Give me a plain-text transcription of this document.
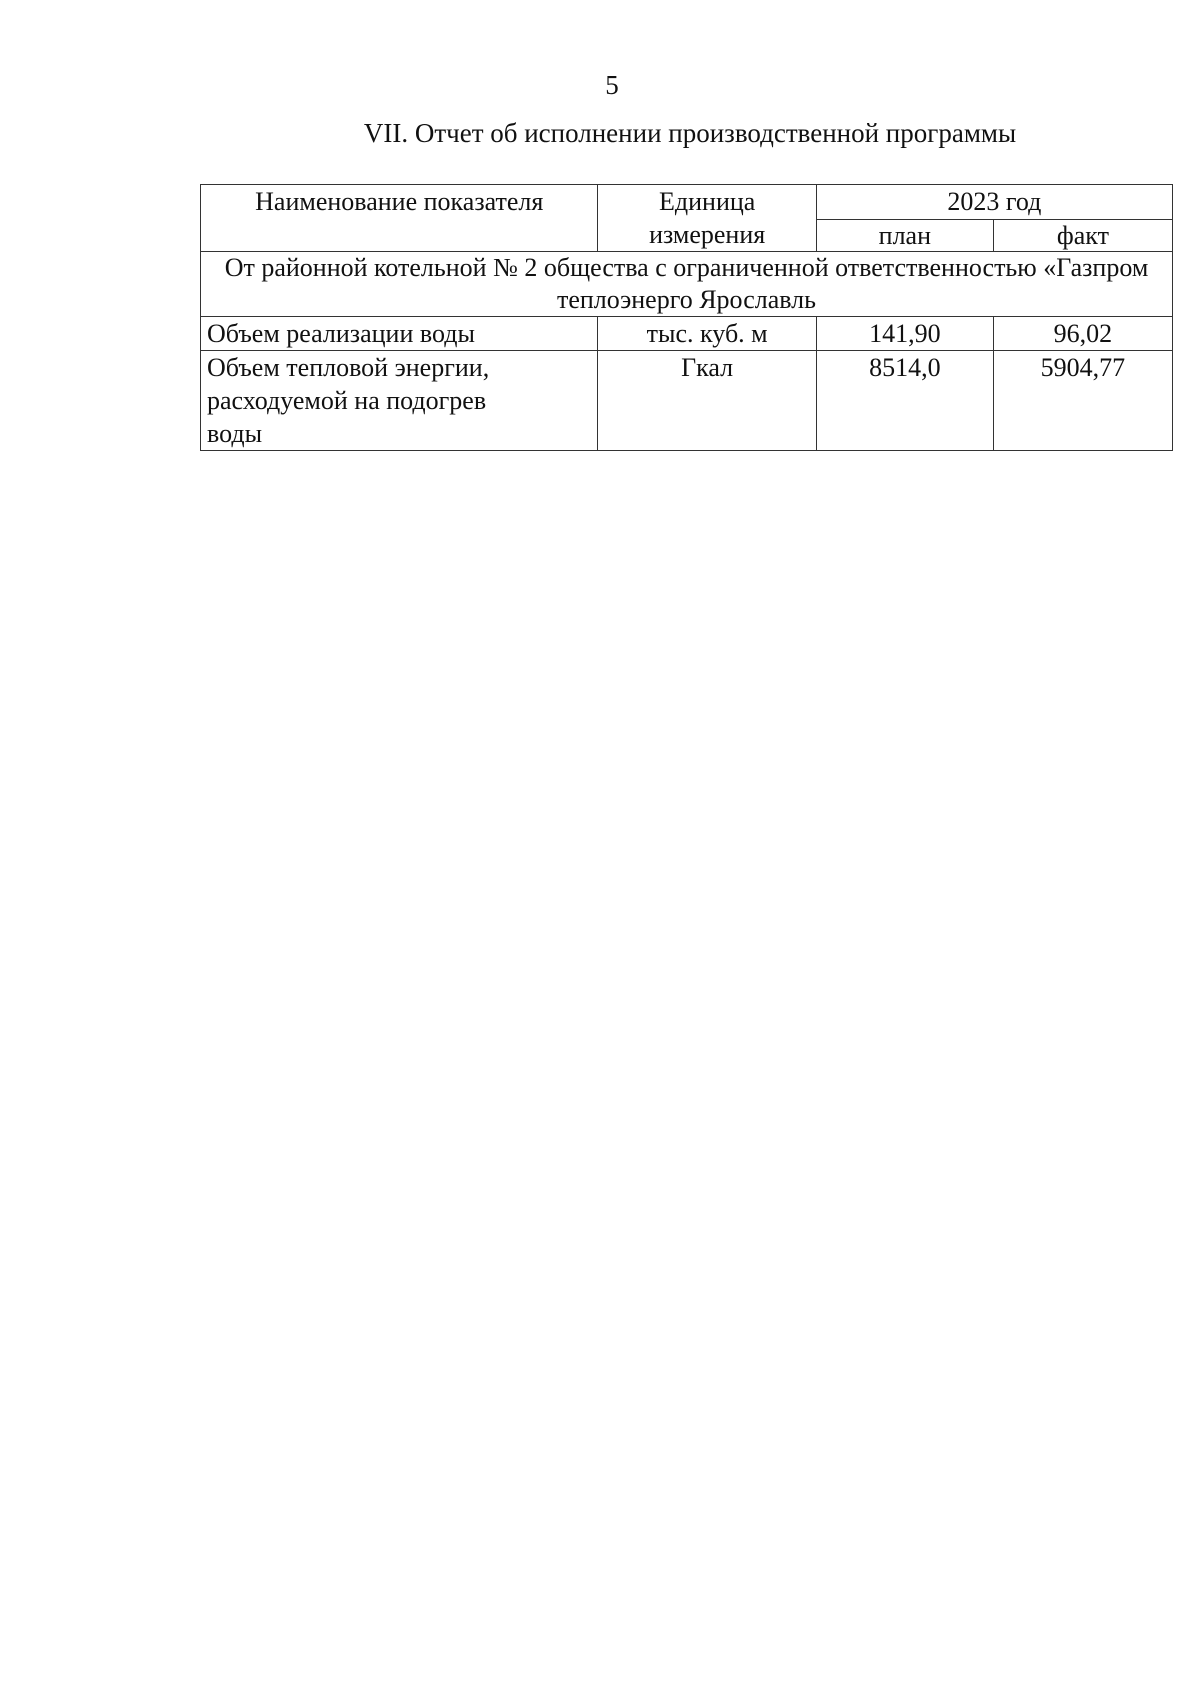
5
VII. Отчет об исполнении производственной программы
Наименование показателя	Единица измерения	2023 год	
		план	факт
От районной котельной № 2 общества с ограниченной ответственностью «Газпром теплоэнерго Ярославль			
Объем реализации воды	тыс. куб. м	141,90	96,02
Объем тепловой энергии, расходуемой на подогрев воды	Гкал	8514,0	5904,77
